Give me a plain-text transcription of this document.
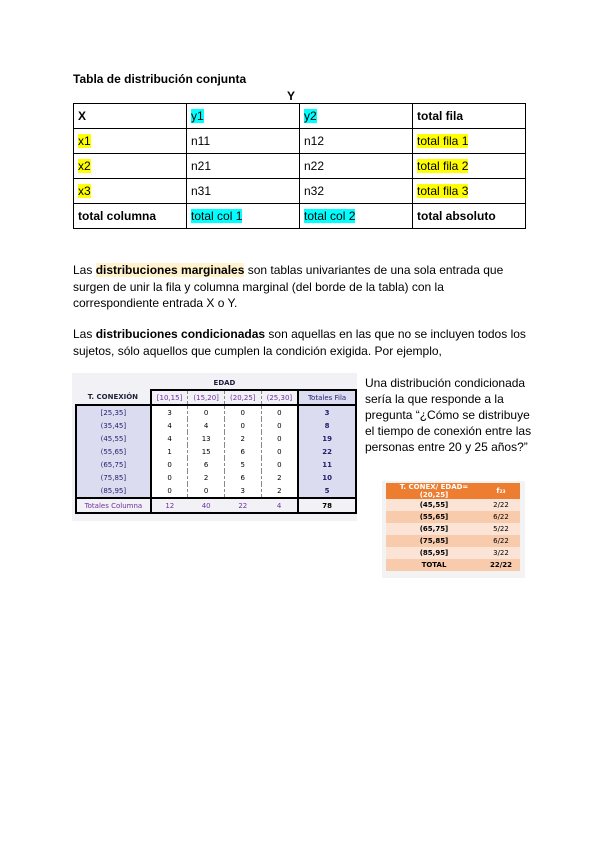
Tabla de distribución conjunta
Y
X	y1	y2	total fila
x1	n11	n12	total fila 1
x2	n21	n22	total fila 2
x3	n31	n32	total fila 3
total columna	total col 1	total col 2	total absoluto

Las distribuciones marginales son tablas univariantes de una sola entrada que surgen de unir la fila y columna marginal (del borde de la tabla) con la correspondiente entrada X o Y.

Las distribuciones condicionadas son aquellas en las que no se incluyen todos los sujetos, sólo aquellos que cumplen la condición exigida. Por ejemplo,

	EDAD				
T. CONEXIÓN	[10,15]	(15,20]	(20,25]	(25,30]	Totales Fila
[25,35]	3	0	0	0	3
(35,45]	4	4	0	0	8
(45,55]	4	13	2	0	19
(55,65]	1	15	6	0	22
(65,75]	0	6	5	0	11
(75,85]	0	2	6	2	10
(85,95]	0	0	3	2	5
Totales Columna	12	40	22	4	78

Una distribución condicionada sería la que responde a la pregunta “¿Cómo se distribuye el tiempo de conexión entre las personas entre 20 y 25 años?”

T. CONEX/ EDAD=(20,25]	f₂₃
(45,55]	2/22
(55,65]	6/22
(65,75]	5/22
(75,85]	6/22
(85,95]	3/22
TOTAL	22/22
